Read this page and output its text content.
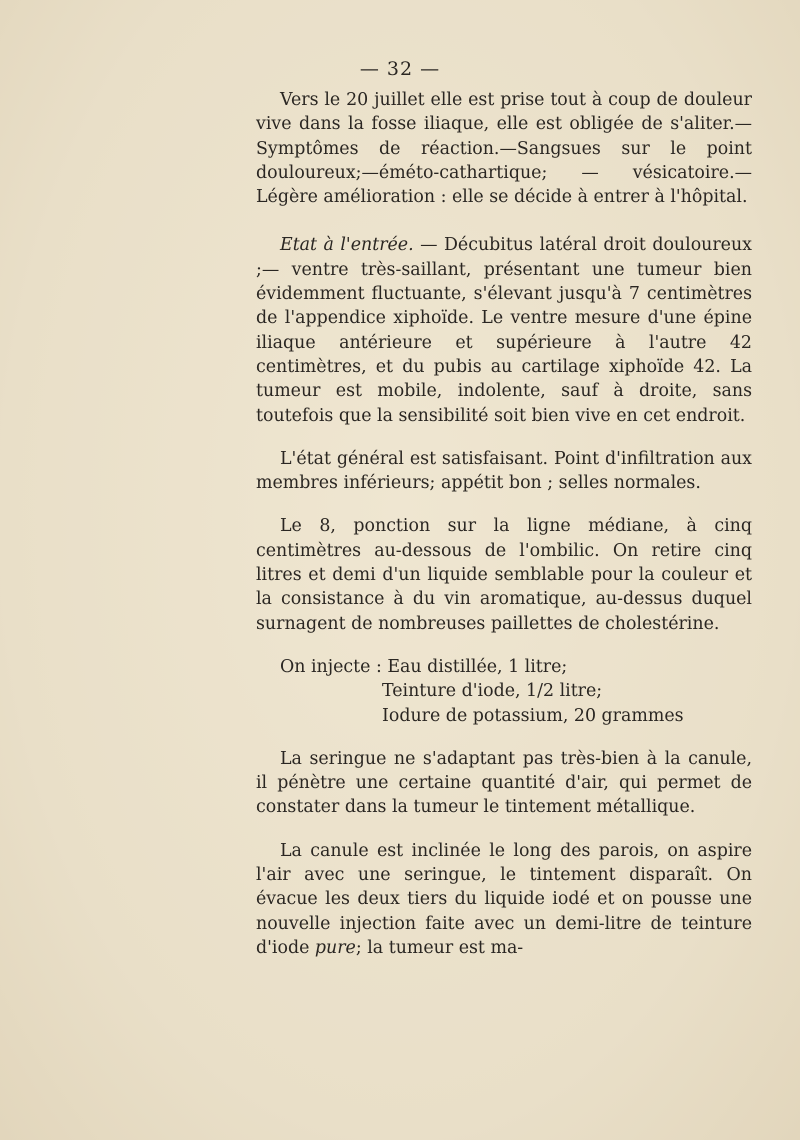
— 32 —

Vers le 20 juillet elle est prise tout à coup de douleur vive dans la fosse iliaque, elle est obligée de s'aliter.—Symptômes de réaction.—Sangsues sur le point douloureux;—éméto-cathartique; — vésicatoire.—Légère amélioration : elle se décide à entrer à l'hôpital.

Etat à l'entrée. — Décubitus latéral droit douloureux ;— ventre très-saillant, présentant une tumeur bien évidemment fluctuante, s'élevant jusqu'à 7 centimètres de l'appendice xiphoïde. Le ventre mesure d'une épine iliaque antérieure et supérieure à l'autre 42 centimètres, et du pubis au cartilage xiphoïde 42. La tumeur est mobile, indolente, sauf à droite, sans toutefois que la sensibilité soit bien vive en cet endroit.

L'état général est satisfaisant. Point d'infiltration aux membres inférieurs; appétit bon ; selles normales.

Le 8, ponction sur la ligne médiane, à cinq centimètres au-dessous de l'ombilic. On retire cinq litres et demi d'un liquide semblable pour la couleur et la consistance à du vin aromatique, au-dessus duquel surnagent de nombreuses paillettes de cholestérine.

On injecte : Eau distillée, 1 litre;

Teinture d'iode, 1/2 litre;

Iodure de potassium, 20 grammes

La seringue ne s'adaptant pas très-bien à la canule, il pénètre une certaine quantité d'air, qui permet de constater dans la tumeur le tintement métallique.

La canule est inclinée le long des parois, on aspire l'air avec une seringue, le tintement disparaît. On évacue les deux tiers du liquide iodé et on pousse une nouvelle injection faite avec un demi-litre de teinture d'iode pure; la tumeur est ma-
